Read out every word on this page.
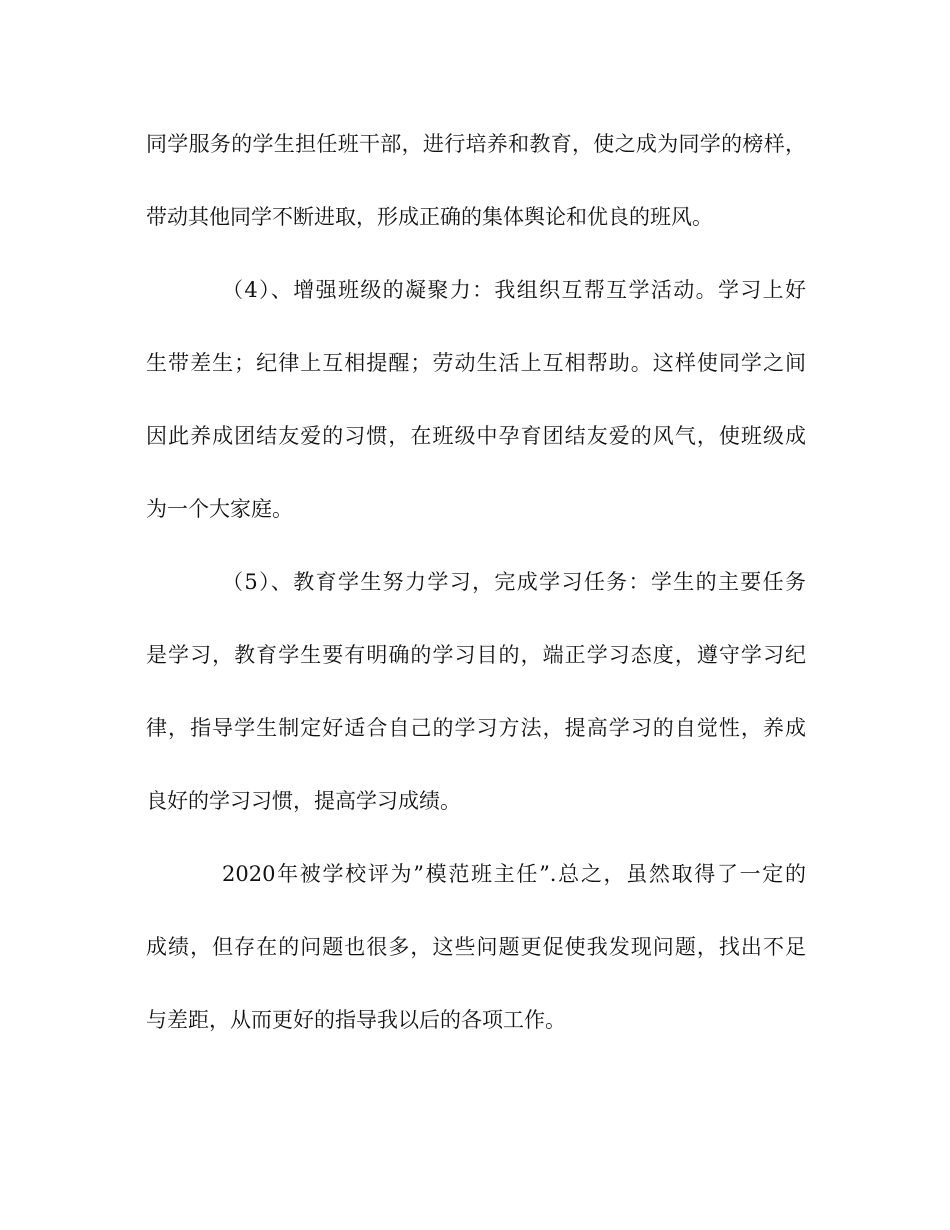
同学服务的学生担任班干部，进行培养和教育，使之成为同学的榜样，
带动其他同学不断进取，形成正确的集体舆论和优良的班风。
（4）、增强班级的凝聚力：我组织互帮互学活动。学习上好
生带差生；纪律上互相提醒；劳动生活上互相帮助。这样使同学之间
因此养成团结友爱的习惯，在班级中孕育团结友爱的风气，使班级成
为一个大家庭。
（5）、教育学生努力学习，完成学习任务：学生的主要任务
是学习，教育学生要有明确的学习目的，端正学习态度，遵守学习纪
律，指导学生制定好适合自己的学习方法，提高学习的自觉性，养成
良好的学习习惯，提高学习成绩。
2020年被学校评为”模范班主任”.总之，虽然取得了一定的
成绩，但存在的问题也很多，这些问题更促使我发现问题，找出不足
与差距，从而更好的指导我以后的各项工作。
